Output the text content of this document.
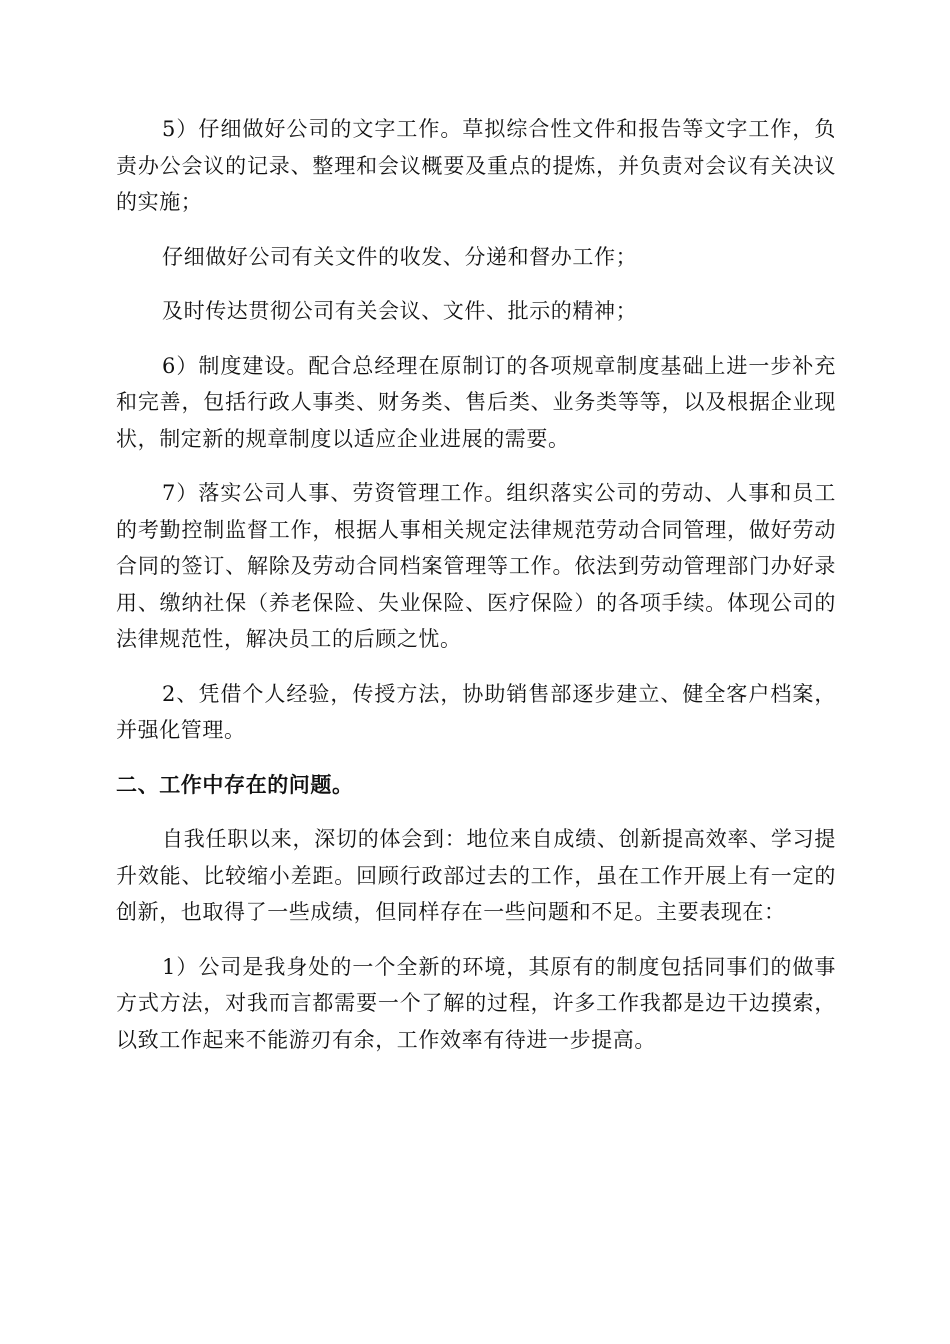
5）仔细做好公司的文字工作。草拟综合性文件和报告等文字工作，负责办公会议的记录、整理和会议概要及重点的提炼，并负责对会议有关决议的实施；

仔细做好公司有关文件的收发、分递和督办工作；

及时传达贯彻公司有关会议、文件、批示的精神；

6）制度建设。配合总经理在原制订的各项规章制度基础上进一步补充和完善，包括行政人事类、财务类、售后类、业务类等等，以及根据企业现状，制定新的规章制度以适应企业进展的需要。

7）落实公司人事、劳资管理工作。组织落实公司的劳动、人事和员工的考勤控制监督工作，根据人事相关规定法律规范劳动合同管理，做好劳动合同的签订、解除及劳动合同档案管理等工作。依法到劳动管理部门办好录用、缴纳社保（养老保险、失业保险、医疗保险）的各项手续。体现公司的法律规范性，解决员工的后顾之忧。

2、凭借个人经验，传授方法，协助销售部逐步建立、健全客户档案，并强化管理。

二、工作中存在的问题。

自我任职以来，深切的体会到：地位来自成绩、创新提高效率、学习提升效能、比较缩小差距。回顾行政部过去的工作，虽在工作开展上有一定的创新，也取得了一些成绩，但同样存在一些问题和不足。主要表现在：

1）公司是我身处的一个全新的环境，其原有的制度包括同事们的做事方式方法，对我而言都需要一个了解的过程，许多工作我都是边干边摸索，以致工作起来不能游刃有余，工作效率有待进一步提高。
